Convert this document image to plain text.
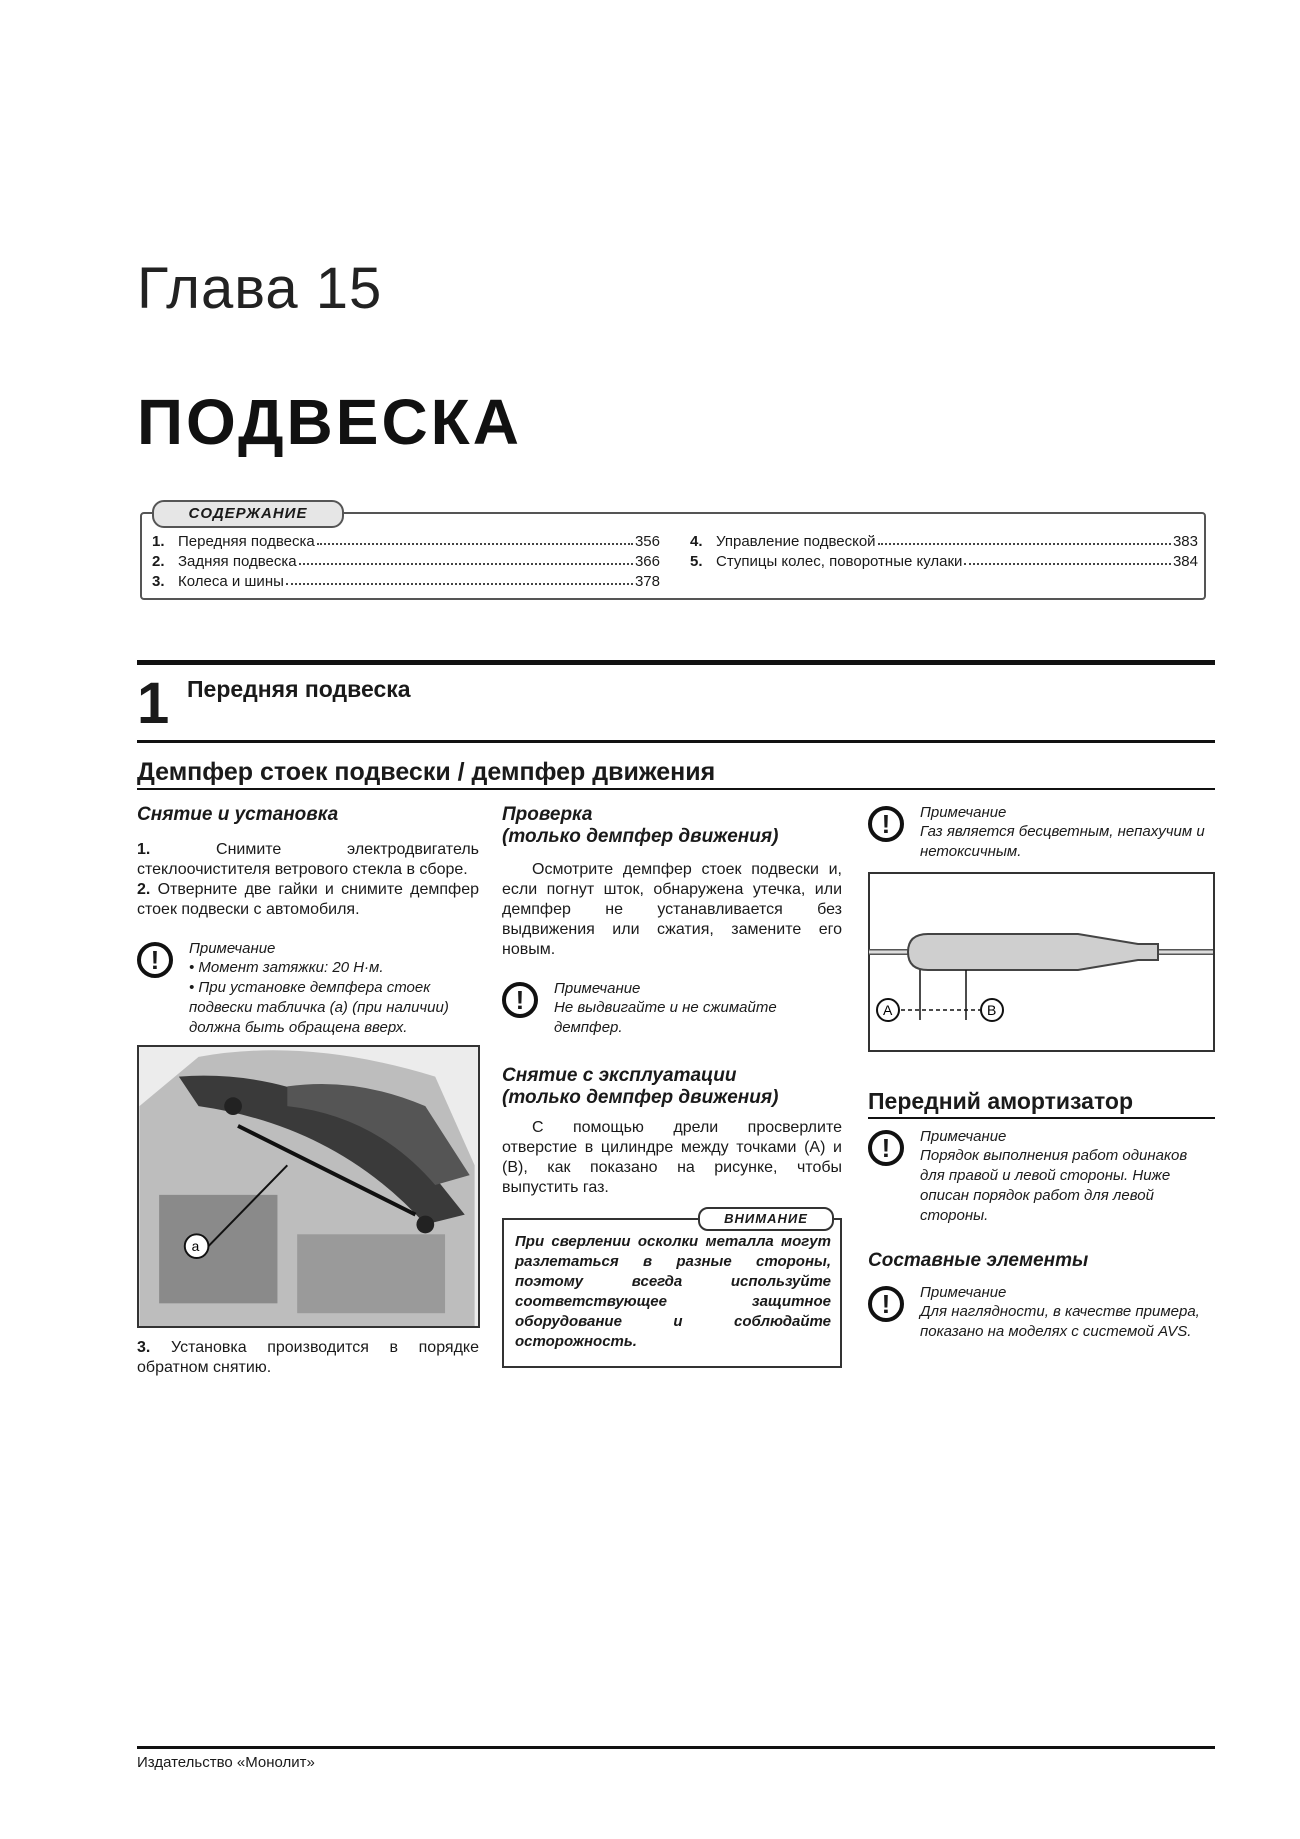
Глава 15
ПОДВЕСКА
СОДЕРЖАНИЕ
1. Передняя подвеска	356
2. Задняя подвеска	366
3. Колеса и шины	378
4. Управление подвеской	383
5. Ступицы колес, поворотные кулаки	384
1 Передняя подвеска
Демпфер стоек подвески / демпфер движения
Снятие и установка
1.	Снимите электродвигатель стеклоочистителя ветрового стекла в сборе.
2. Отверните две гайки и снимите демпфер стоек подвески с автомобиля.
!	Примечание
• Момент затяжки: 20 Н·м.
• При установке демпфера стоек подвески табличка (a) (при наличии) должна быть обращена вверх.
a
3. Установка производится в порядке обратном снятию.
Проверка
(только демпфер движения)
Осмотрите демпфер стоек подвески и, если погнут шток, обнаружена утечка, или демпфер не устанавливается без выдвижения или сжатия, замените его новым.
!	Примечание
Не выдвигайте и не сжимайте демпфер.
Снятие с эксплуатации
(только демпфер движения)
С помощью дрели просверлите отверстие в цилиндре между точками (A) и (B), как показано на рисунке, чтобы выпустить газ.
ВНИМАНИЕ
При сверлении осколки металла могут разлетаться в разные стороны, поэтому всегда используйте соответствующее защитное оборудование и соблюдайте осторожность.
!	Примечание
Газ является бесцветным, непахучим и нетоксичным.
A	B
Передний амортизатор
!	Примечание
Порядок выполнения работ одинаков для правой и левой стороны. Ниже описан порядок работ для левой стороны.
Составные элементы
!	Примечание
Для наглядности, в качестве примера, показано на моделях с системой AVS.
Издательство «Монолит»
